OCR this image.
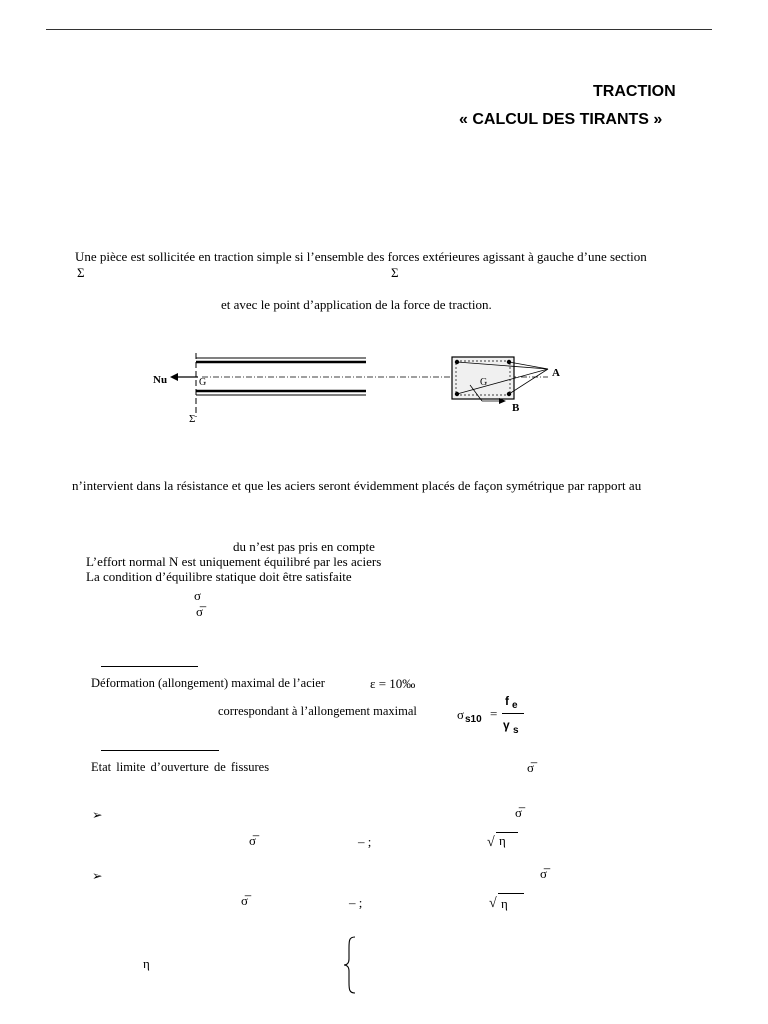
TRACTION
« CALCUL DES TIRANTS »
Une pièce est sollicitée en traction simple si l’ensemble des forces extérieures agissant à gauche d’une section
Σ	Σ
et avec le point d’application de la force de traction.
Nu	G
Σ
G
A
B
n’intervient dans la résistance et que les aciers seront évidemment placés de façon symétrique par rapport au
du n’est pas pris en compte
L’effort normal N est uniquement équilibré par les aciers
La condition d’équilibre statique doit être satisfaite
σ
σ̅
Déformation (allongement) maximal de l’acier	ε = 10‰
correspondant à l’allongement maximal	σ s10 =
f e
γ s
Etat limite d’ouverture de fissures	σ̅
➢	σ̅
σ̅	– ;	√ η
➢	σ̅
σ̅	– ;	√ η
η
